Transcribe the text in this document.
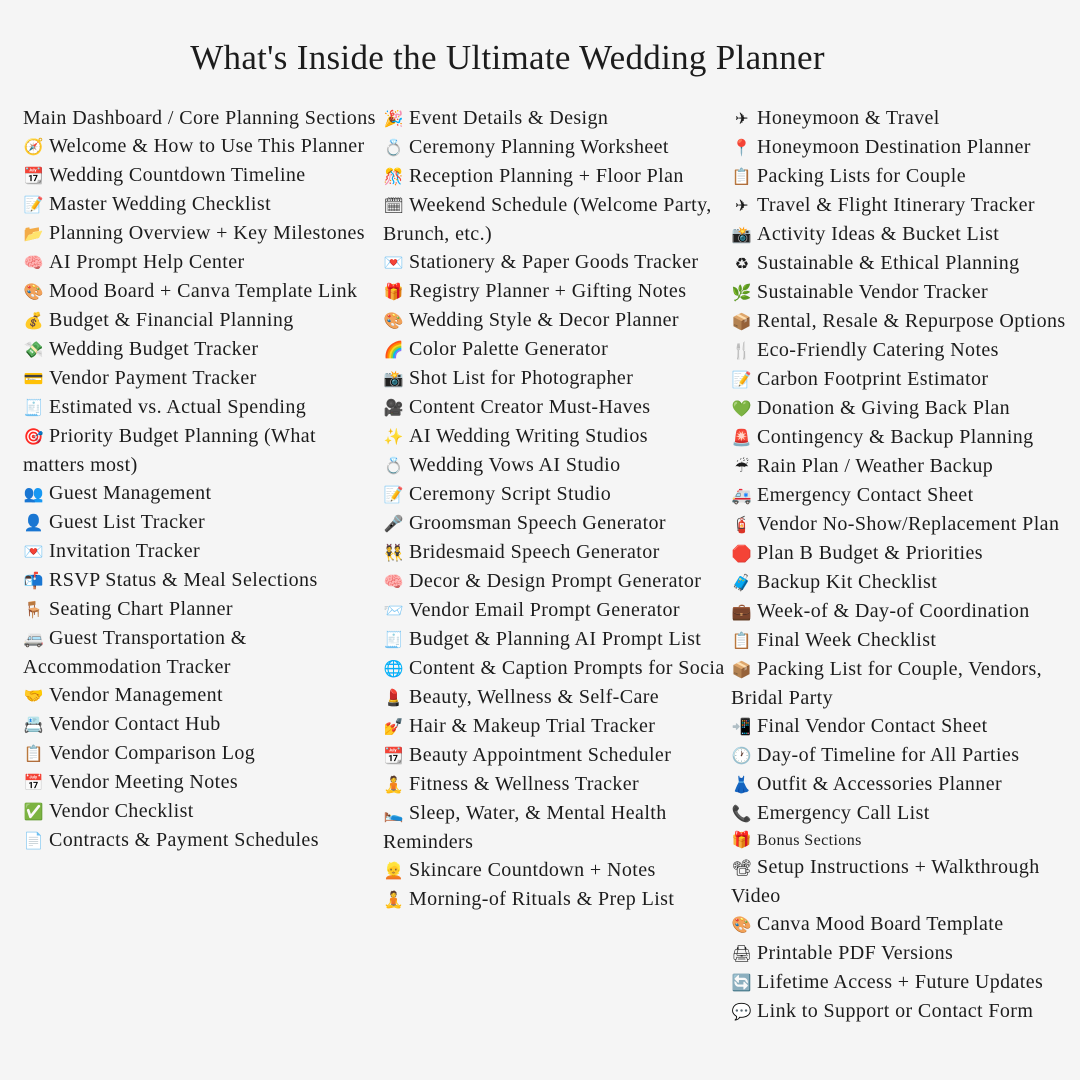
What's Inside the Ultimate Wedding Planner
Main Dashboard / Core Planning Sections
🧭 Welcome & How to Use This Planner
📆 Wedding Countdown Timeline
📝 Master Wedding Checklist
📂 Planning Overview + Key Milestones
🧠 AI Prompt Help Center
🎨 Mood Board + Canva Template Link
💰 Budget & Financial Planning
💸 Wedding Budget Tracker
💳 Vendor Payment Tracker
🧾 Estimated vs. Actual Spending
🎯 Priority Budget Planning (What matters most)
👥 Guest Management
👤 Guest List Tracker
💌 Invitation Tracker
📬 RSVP Status & Meal Selections
🪑 Seating Chart Planner
🚐 Guest Transportation & Accommodation Tracker
🤝 Vendor Management
📇 Vendor Contact Hub
📋 Vendor Comparison Log
📅 Vendor Meeting Notes
✅ Vendor Checklist
📄 Contracts & Payment Schedules
🎉 Event Details & Design
💍 Ceremony Planning Worksheet
🎊 Reception Planning + Floor Plan
🗓 Weekend Schedule (Welcome Party, Brunch, etc.)
💌 Stationery & Paper Goods Tracker
🎁 Registry Planner + Gifting Notes
🎨 Wedding Style & Decor Planner
🌈 Color Palette Generator
📸 Shot List for Photographer
🎥 Content Creator Must-Haves
✨ AI Wedding Writing Studios
💍 Wedding Vows AI Studio
📝 Ceremony Script Studio
🎤 Groomsman Speech Generator
👯 Bridesmaid Speech Generator
🧠 Decor & Design Prompt Generator
📨 Vendor Email Prompt Generator
🧾 Budget & Planning AI Prompt List
🌐 Content & Caption Prompts for Socia
💄 Beauty, Wellness & Self-Care
💅 Hair & Makeup Trial Tracker
📆 Beauty Appointment Scheduler
🧘 Fitness & Wellness Tracker
🛌 Sleep, Water, & Mental Health Reminders
👱 Skincare Countdown + Notes
🧘 Morning-of Rituals & Prep List
✈ Honeymoon & Travel
📍 Honeymoon Destination Planner
📋 Packing Lists for Couple
✈ Travel & Flight Itinerary Tracker
📸 Activity Ideas & Bucket List
♻ Sustainable & Ethical Planning
🌿 Sustainable Vendor Tracker
📦 Rental, Resale & Repurpose Options
🍴 Eco-Friendly Catering Notes
📝 Carbon Footprint Estimator
💚 Donation & Giving Back Plan
🚨 Contingency & Backup Planning
☔ Rain Plan / Weather Backup
🚑 Emergency Contact Sheet
🧯 Vendor No-Show/Replacement Plan
🛑 Plan B Budget & Priorities
🧳 Backup Kit Checklist
💼 Week-of & Day-of Coordination
📋 Final Week Checklist
📦 Packing List for Couple, Vendors, Bridal Party
📲 Final Vendor Contact Sheet
🕐 Day-of Timeline for All Parties
👗 Outfit & Accessories Planner
📞 Emergency Call List
🎁 Bonus Sections
📽 Setup Instructions + Walkthrough Video
🎨 Canva Mood Board Template
🖨 Printable PDF Versions
🔄 Lifetime Access + Future Updates
💬 Link to Support or Contact Form
